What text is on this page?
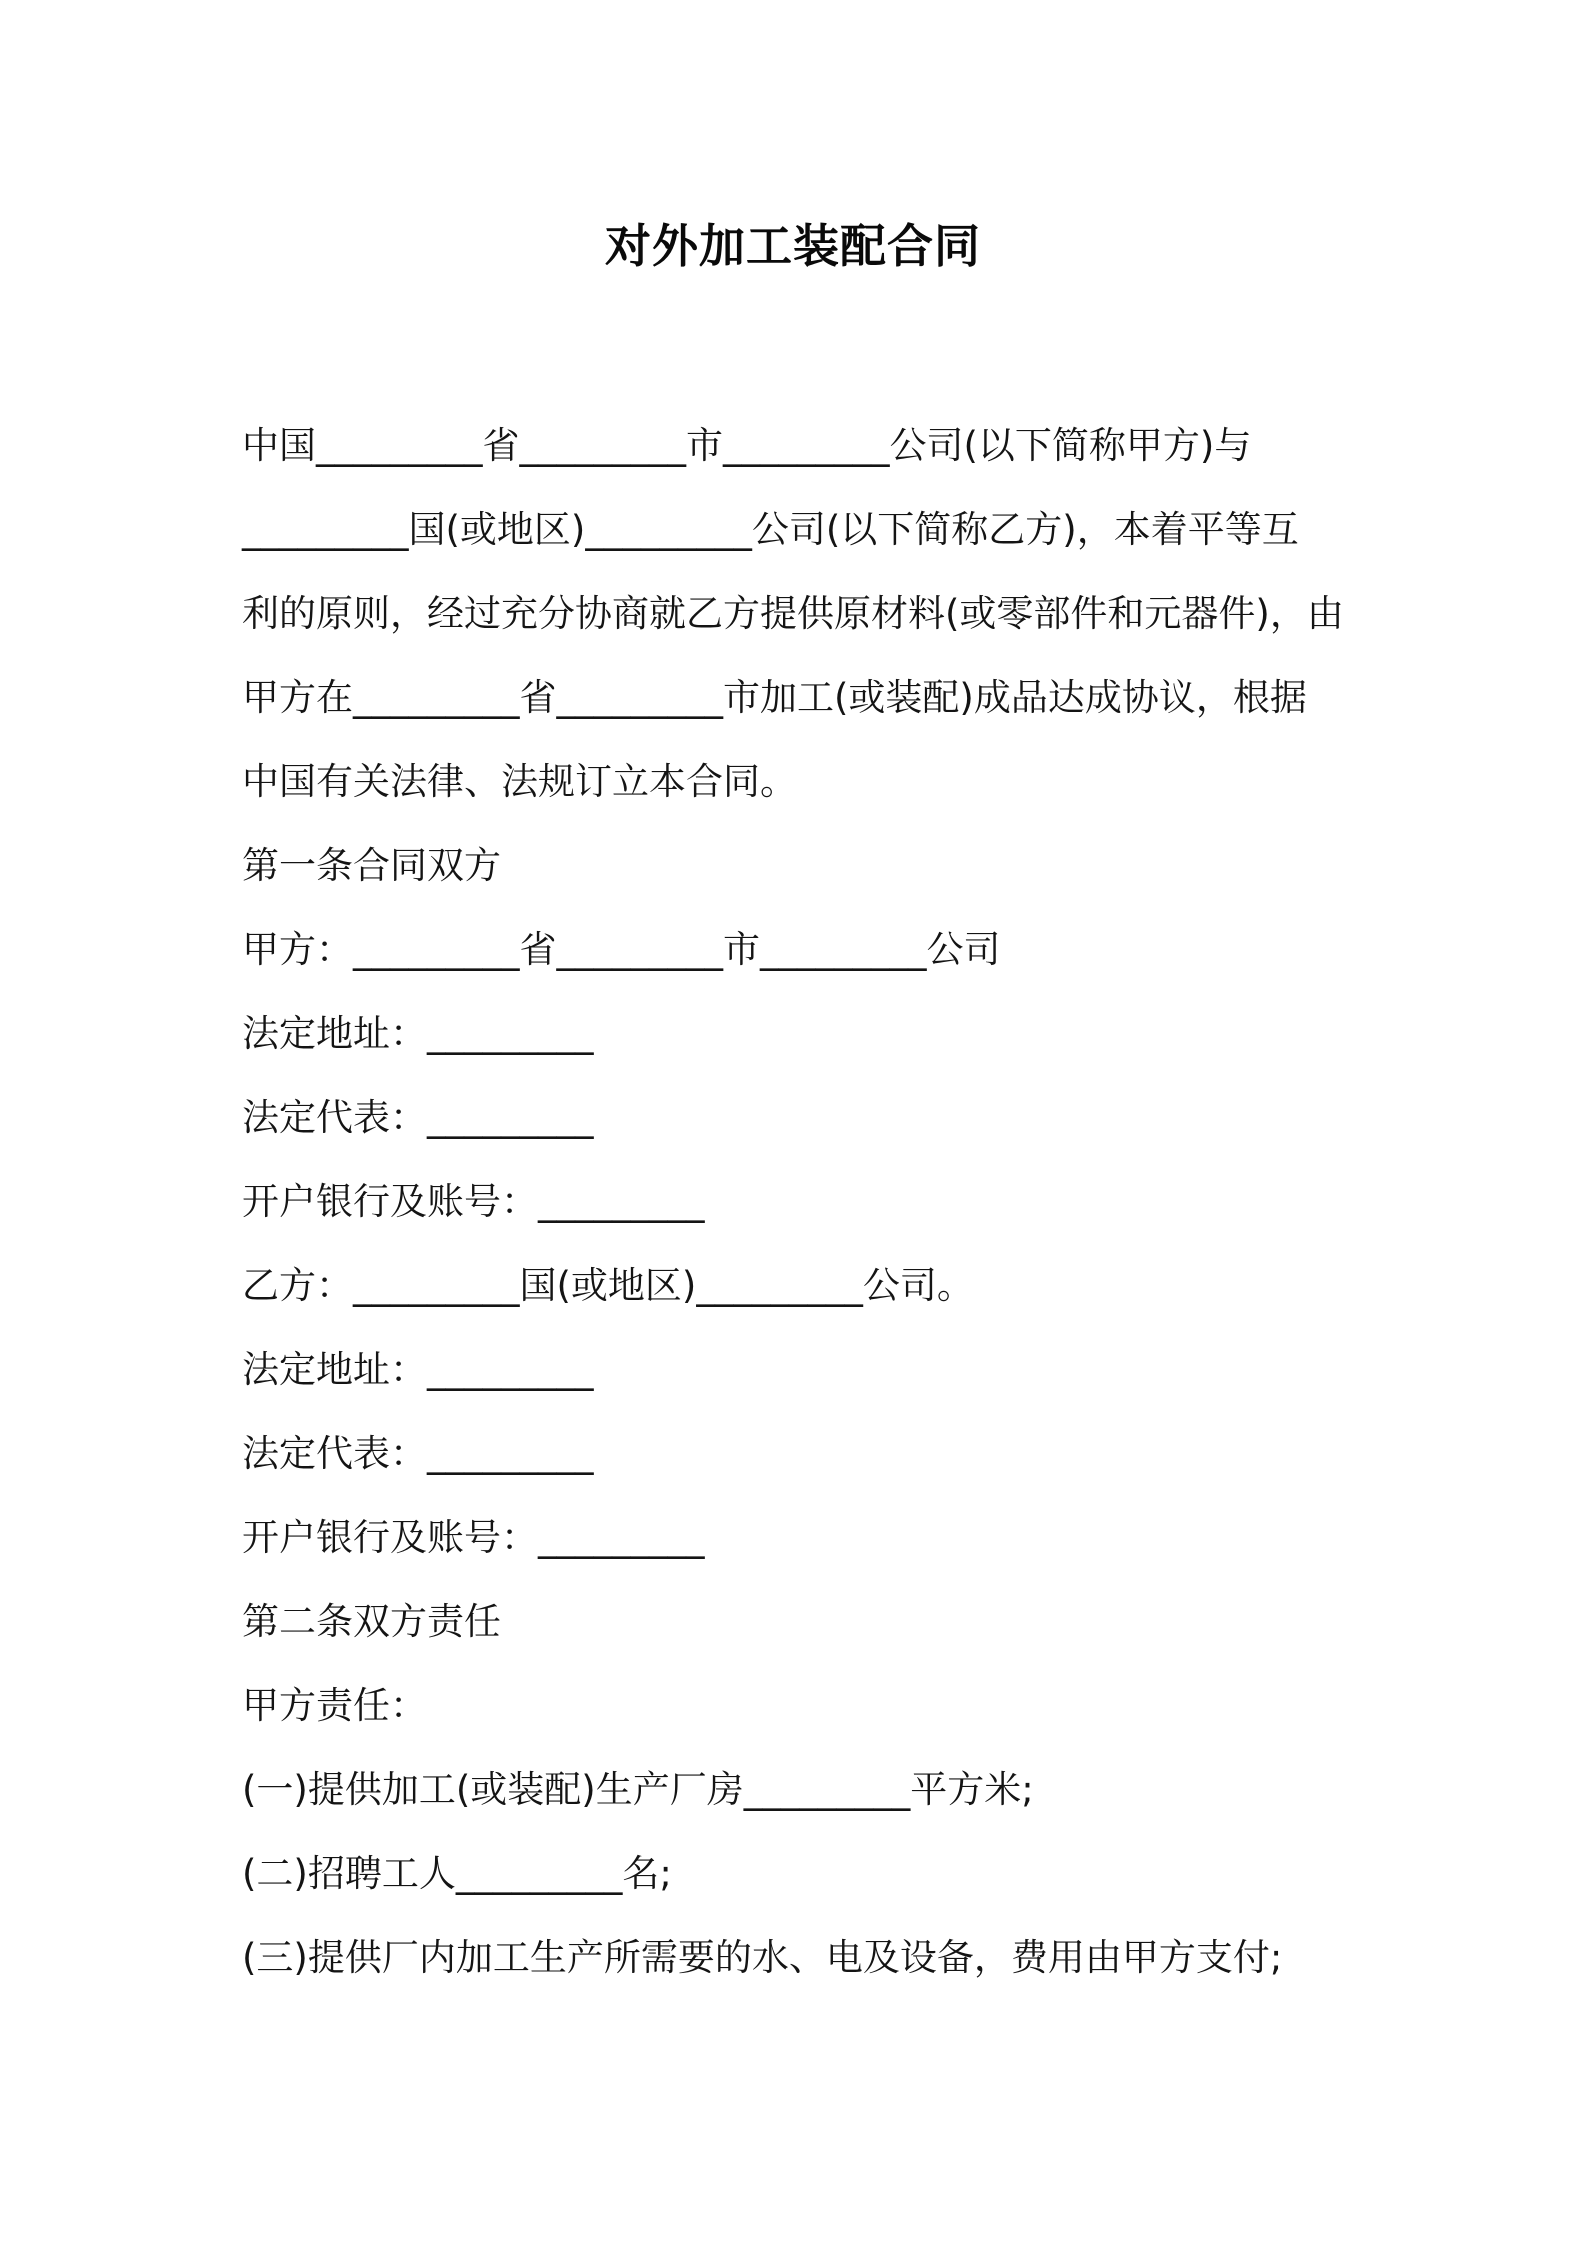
对外加工装配合同
中国_________省_________市_________公司(以下简称甲方)与
_________国(或地区)_________公司(以下简称乙方)，本着平等互
利的原则，经过充分协商就乙方提供原材料(或零部件和元器件)，由
甲方在_________省_________市加工(或装配)成品达成协议，根据
中国有关法律、法规订立本合同。
第一条合同双方
甲方：_________省_________市_________公司
法定地址：_________
法定代表：_________
开户银行及账号：_________
乙方：_________国(或地区)_________公司。
法定地址：_________
法定代表：_________
开户银行及账号：_________
第二条双方责任
甲方责任：
(一)提供加工(或装配)生产厂房_________平方米;
(二)招聘工人_________名;
(三)提供厂内加工生产所需要的水、电及设备，费用由甲方支付;
